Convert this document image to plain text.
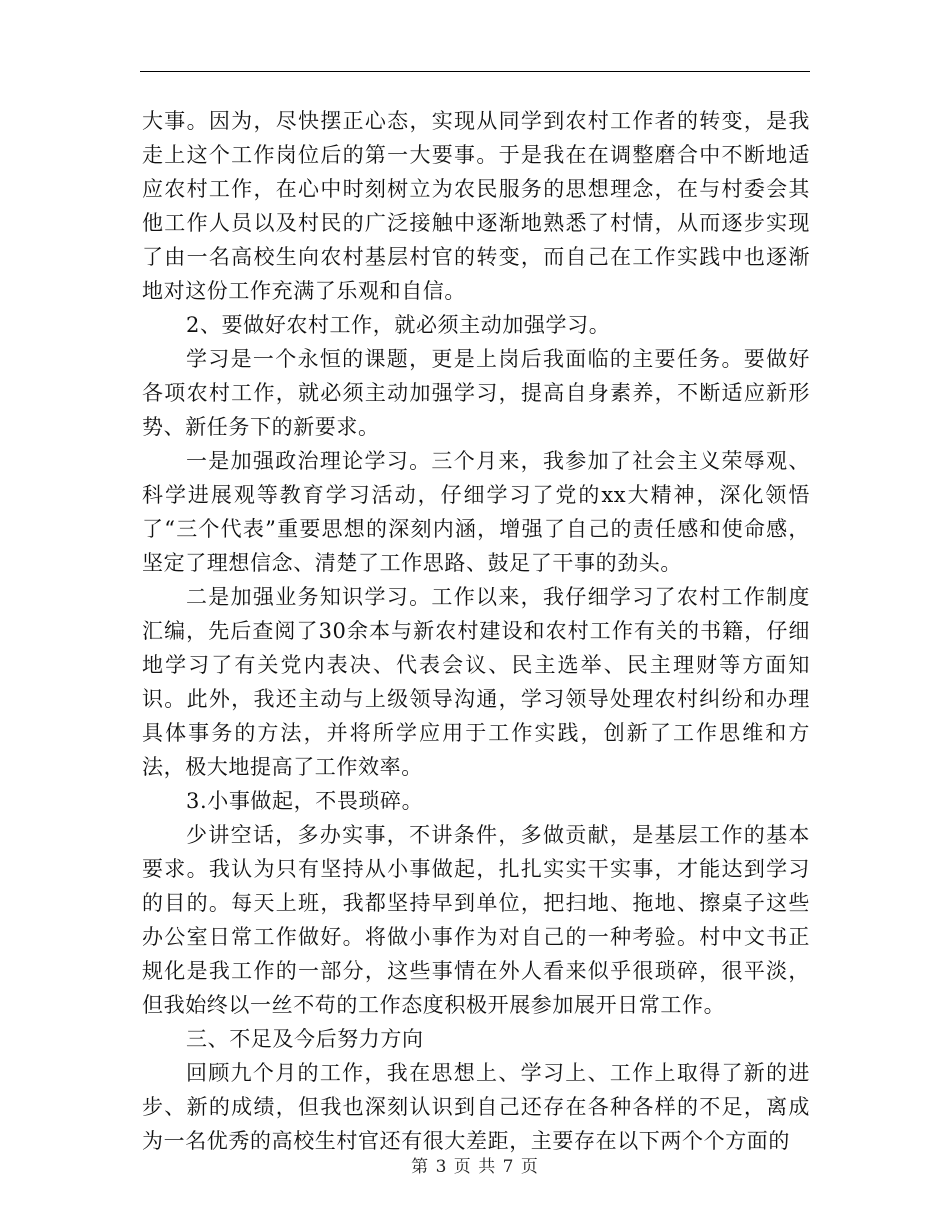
大事。因为，尽快摆正心态，实现从同学到农村工作者的转变，是我走上这个工作岗位后的第一大要事。于是我在在调整磨合中不断地适应农村工作，在心中时刻树立为农民服务的思想理念，在与村委会其他工作人员以及村民的广泛接触中逐渐地熟悉了村情，从而逐步实现了由一名高校生向农村基层村官的转变，而自己在工作实践中也逐渐地对这份工作充满了乐观和自信。

2、要做好农村工作，就必须主动加强学习。

学习是一个永恒的课题，更是上岗后我面临的主要任务。要做好各项农村工作，就必须主动加强学习，提高自身素养，不断适应新形势、新任务下的新要求。

一是加强政治理论学习。三个月来，我参加了社会主义荣辱观、科学进展观等教育学习活动，仔细学习了党的xx大精神，深化领悟了“三个代表”重要思想的深刻内涵，增强了自己的责任感和使命感，坚定了理想信念、清楚了工作思路、鼓足了干事的劲头。

二是加强业务知识学习。工作以来，我仔细学习了农村工作制度汇编，先后查阅了30余本与新农村建设和农村工作有关的书籍，仔细地学习了有关党内表决、代表会议、民主选举、民主理财等方面知识。此外，我还主动与上级领导沟通，学习领导处理农村纠纷和办理具体事务的方法，并将所学应用于工作实践，创新了工作思维和方法，极大地提高了工作效率。

3.小事做起，不畏琐碎。

少讲空话，多办实事，不讲条件，多做贡献，是基层工作的基本要求。我认为只有坚持从小事做起，扎扎实实干实事，才能达到学习的目的。每天上班，我都坚持早到单位，把扫地、拖地、擦桌子这些办公室日常工作做好。将做小事作为对自己的一种考验。村中文书正规化是我工作的一部分，这些事情在外人看来似乎很琐碎，很平淡，但我始终以一丝不苟的工作态度积极开展参加展开日常工作。

三、不足及今后努力方向

回顾九个月的工作，我在思想上、学习上、工作上取得了新的进步、新的成绩，但我也深刻认识到自己还存在各种各样的不足，离成为一名优秀的高校生村官还有很大差距，主要存在以下两个个方面的

第 3 页 共 7 页
